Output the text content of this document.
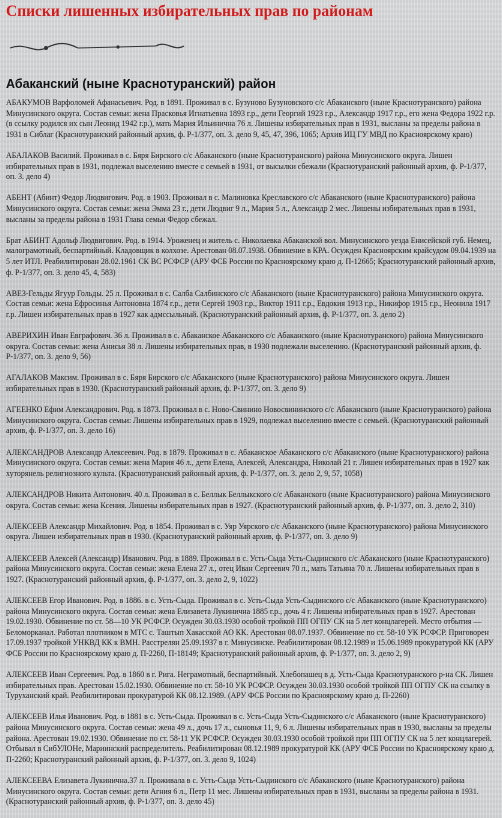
Списки лишенных избирательных прав по районам
Абаканский (ныне Краснотуранский) район

АБАКУМОВ Варфоломей Афанасьевич. Род. в 1891. Проживал в с. Бузуново Бузуновского с/с Абаканского (ныне Краснотуранского) района Минусинского округа. Состав семьи: жена Прасковья Игнатьевна 1893 г.р., дети Георгий 1923 г.р., Александр 1917 г.р., его жена Федора 1922 г.р. (в ссылку родился их сын Леонид 1942 г.р.), мать Мария Ильинична 76 л. Лишены избирательных прав в 1931, высланы за пределы района в 1931 в Сиблаг (Краснотуранский районный архив, ф. Р-1/377, оп. 3. дело 9, 45, 47, 396, 1065; Архив ИЦ ГУ МВД по Красноярскому краю)

АБАЛАКОВ Василий. Проживал в с. Бяря Бирского с/с Абаканского (ныне Краснотуранского) района Минусинского округа. Лишен избирательных прав в 1931, подлежал выселению вместе с семьей в 1931, от высылки сбежали (Краснотуранский районный архив, ф. Р-1/377, оп. 3. дело 4)

АБЕНТ (Абинт) Федор Людвигович. Род. в 1903. Проживал в с. Малиновка Креславского с/с Абаканского (ныне Краснотуранского) района Минусинского округа. Состав семьи: жена Эмма 23 г., дети Людвиг 9 л., Мария 5 л., Александр 2 мес. Лишены избирательных прав в 1931, высланы за пределы района в 1931 Глава семьи Федор сбежал.

Брат АБИНТ Адольф Людвигович. Род. в 1914. Уроженец и житель с. Николаевка Абаканской вол. Минусинского уезда Енисейской губ. Немец, малограмотный, беспартийный. Кладовщик в колхозе. Арестован 08.07.1938. Обвинение в КРА. Осужден Красноярским крайсудом 09.04.1939 на 5 лет ИТЛ. Реабилитирован 28.02.1961 СК ВС РСФСР (АРУ ФСБ России по Красноярскому краю д. П-12665; Краснотуранский районный архив, ф. Р-1/377, оп. 3. дело 45, 4, 583)

АВЕЗ-Гельды Ягуур Гольды. 25 л. Проживал в с. Салба Салбинского с/с Абаканского (ныне Краснотуранского) района Минусинского округа. Состав семьи: жена Ефросинья Антоновна 1874 г.р., дети Сергей 1903 г.р., Виктор 1911 г.р., Евдокия 1913 г.р., Никифор 1915 г.р., Неонила 1917 г.р. Лишен избирательных прав в 1927 как адмссыльный. (Краснотуранский районный архив, ф. Р-1/377, оп. 3. дело 2)

АВЕРИХИН Иван Евграфович. 36 л. Проживал в с. Абаканское Абаканского с/с Абаканского (ныне Краснотуранского) района Минусинского округа. Состав семьи: жена Анисья 38 л. Лишены избирательных прав, в 1930 подлежали выселению. (Краснотуранский районный архив, ф. Р-1/377, оп. 3. дело 9, 56)

АГАЛАКОВ Максим. Проживал в с. Бяря Бирского с/с Абаканского (ныне Краснотуранского) района Минусинского округа. Лишен избирательных прав в 1930. (Краснотуранский районный архив, ф. Р-1/377, оп. 3. дело 9)

АГЕЕНКО Ефим Александрович. Род. в 1873. Проживал в с. Ново-Свинино Новосвининского с/с Абаканского (ныне Краснотуранского) района Минусинского округа. Состав семьи: Лишены избирательных прав в 1929, подлежал выселению вместе с семьей. (Краснотуранский районный архив, ф. Р-1/377, оп. 3. дело 16)

АЛЕКСАНДРОВ Александр Алексеевич. Род. в 1879. Проживал в с. Абаканское Абаканского с/с Абаканского (ныне Краснотуранского) района Минусинского округа. Состав семьи: жена Мария 46 л., дети Елена, Алексей, Александра, Николай 21 г. Лишен избирательных прав в 1927 как хуторянель религиозного культа. (Краснотуранский районный архив, ф. Р-1/377, оп. 3. дело 2, 9, 57, 1058)

АЛЕКСАНДРОВ Никита Антонович. 40 л. Проживал в с. Беллык Беллыкского с/с Абаканского (ныне Краснотуранского) района Минусинского округа. Состав семьи: жена Ксения. Лишены избирательных прав в 1927. (Краснотуранский районный архив, ф. Р-1/377, оп. 3. дело 2, 310)

АЛЕКСЕЕВ Александр Михайлович. Род. в 1854. Проживал в с. Уяр Уярского с/с Абаканского (ныне Краснотуранского) района Минусинского округа. Лишен избирательных прав в 1930. (Краснотуранский районный архив, ф. Р-1/377, оп. 3. дело 9)

АЛЕКСЕЕВ Алексей (Александр) Иванович. Род. в 1889. Проживал в с. Усть-Сыда Усть-Сыдинского с/с Абаканского (ныне Краснотуранского) района Минусинского округа. Состав семьи: жена Елена 27 л., отец Иван Сергеевич 70 л., мать Татьяна 70 л. Лишены избирательных прав в 1927. (Краснотуранский районный архив, ф. Р-1/377, оп. 3. дело 2, 9, 1022)

АЛЕКСЕЕВ Егор Иванович. Род. в 1886. в с. Усть-Сыда. Проживал в с. Усть-Сыда Усть-Сыдинского с/с Абаканского (ныне Краснотуранского) района Минусинского округа. Состав семьи: жена Елизавета Лукинична 1885 г.р., дочь 4 г. Лишены избирательных прав в 1927. Арестован 19.02.1930. Обвинение по ст. 58—10 УК РСФСР. Осужден 30.03.1930 особой тройкой ПП ОГПУ СК на 5 лет концлагерей. Место отбытия — Беломорканал. Работал плотником в МТС с. Таштып Хакасской АО КК. Арестован 08.07.1937. Обвинение по ст. 58-10 УК РСФСР. Приговорен 17.09.1937 тройкой УНКВД КК к ВМН. Расстрелян 25.09.1937 в г. Минусинске. Реабилитирован 08.12.1989 и 15.06.1989 прокуратурой КК (АРУ ФСБ России по Красноярскому краю д. П-2260, П-18149; Краснотуранский районный архив, ф. Р-1/377, оп. 3. дело 2, 9)

АЛЕКСЕЕВ Иван Сергеевич. Род. в 1860 в г. Рига. Неграмотный, беспартийный. Хлебопашец в д. Усть-Сыда Краснотуранского р-на СК. Лишен избирательных прав. Арестован 15.02.1930. Обвинение по ст. 58-10 УК РСФСР. Осужден 30.03.1930 особой тройкой ПП ОГПУ СК на ссылку в Туруханский край. Реабилитирован прокуратурой КК 08.12.1989. (АРУ ФСБ России по Красноярскому краю д. П-2260)

АЛЕКСЕЕВ Илья Иванович. Род. в 1881 в с. Усть-Сыда. Проживал в с. Усть-Сыда Усть-Сыдинского с/с Абаканского (ныне Краснотуранского) района Минусинского округа. Состав семьи: жена 49 л., дочь 17 л., сыновья 11, 9, 6 л. Лишены избирательных прав в 1930, высланы за пределы района. Арестован 19.02.1930. Обвинение по ст. 58-11 УК РСФСР. Осужден 30.03.1930 особой тройкой при ПП ОГПУ СК на 5 лет концлагерей. Отбывал в СибУЛОНе, Мариинский распределитель. Реабилитирован 08.12.1989 прокуратурой КК (АРУ ФСБ России по Красноярскому краю д. П-2260; Краснотуранский районный архив, ф. Р-1/377, оп. 3. дело 9, 1024)

АЛЕКСЕЕВА Елизавета Лукинична.37 л. Проживала в с. Усть-Сыда Усть-Сыдинского с/с Абаканского (ныне Краснотуранского) района Минусинского округа. Состав семьи: дети Агния 6 л., Петр 11 мес. Лишены избирательных прав в 1931, высланы за пределы района в 1931. (Краснотуранский районный архив, ф. Р-1/377, оп. 3. дело 45)
